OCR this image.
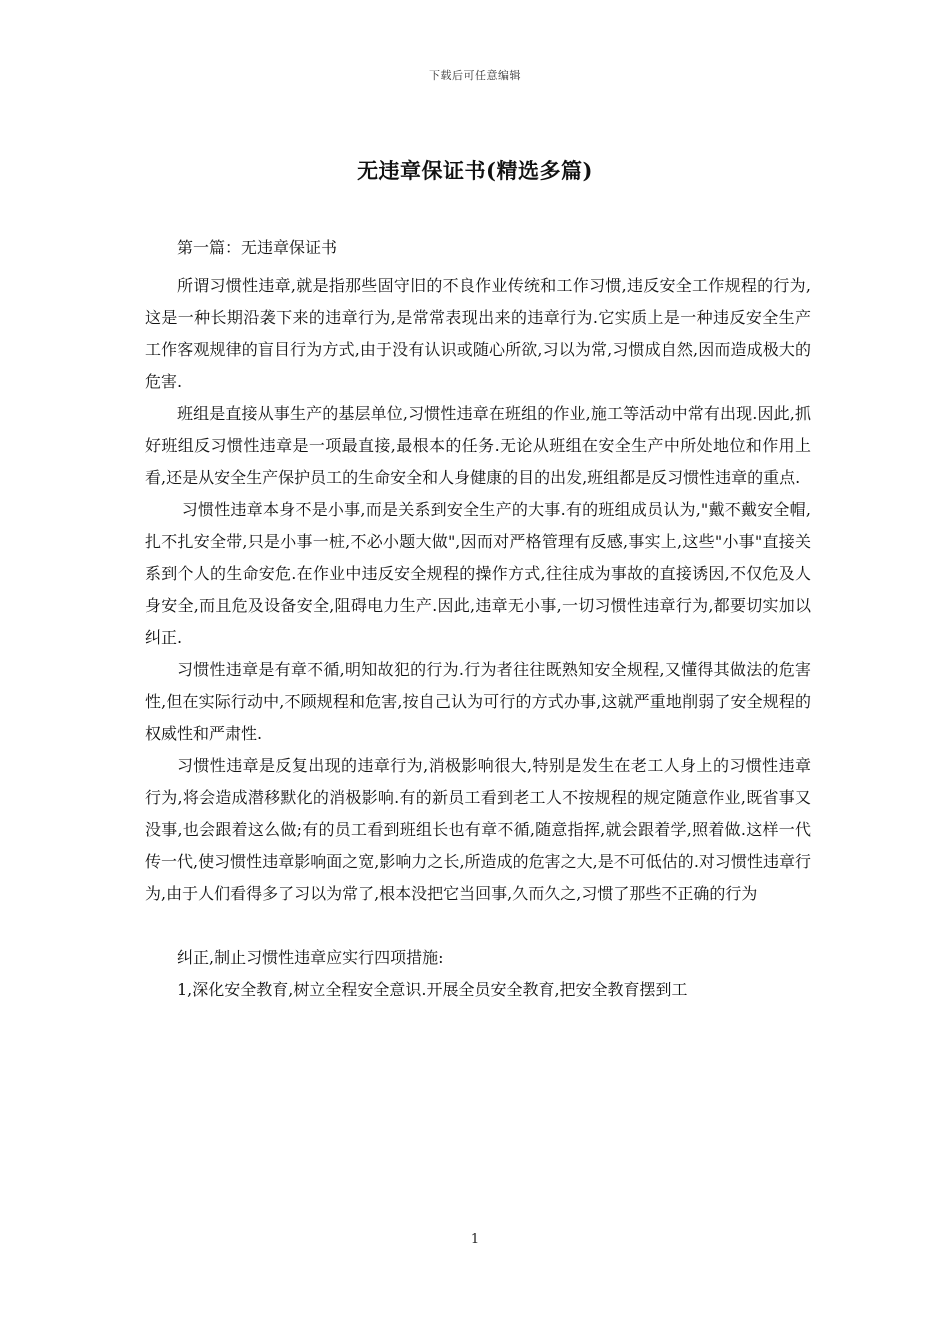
下载后可任意编辑
无违章保证书(精选多篇)

第一篇：无违章保证书

所谓习惯性违章,就是指那些固守旧的不良作业传统和工作习惯,违反安全工作规程的行为,这是一种长期沿袭下来的违章行为,是常常表现出来的违章行为.它实质上是一种违反安全生产工作客观规律的盲目行为方式,由于没有认识或随心所欲,习以为常,习惯成自然,因而造成极大的危害.

班组是直接从事生产的基层单位,习惯性违章在班组的作业,施工等活动中常有出现.因此,抓好班组反习惯性违章是一项最直接,最根本的任务.无论从班组在安全生产中所处地位和作用上看,还是从安全生产保护员工的生命安全和人身健康的目的出发,班组都是反习惯性违章的重点.

习惯性违章本身不是小事,而是关系到安全生产的大事.有的班组成员认为,"戴不戴安全帽,扎不扎安全带,只是小事一桩,不必小题大做",因而对严格管理有反感,事实上,这些"小事"直接关系到个人的生命安危.在作业中违反安全规程的操作方式,往往成为事故的直接诱因,不仅危及人身安全,而且危及设备安全,阻碍电力生产.因此,违章无小事,一切习惯性违章行为,都要切实加以纠正.

习惯性违章是有章不循,明知故犯的行为.行为者往往既熟知安全规程,又懂得其做法的危害性,但在实际行动中,不顾规程和危害,按自己认为可行的方式办事,这就严重地削弱了安全规程的权威性和严肃性.

习惯性违章是反复出现的违章行为,消极影响很大,特别是发生在老工人身上的习惯性违章行为,将会造成潜移默化的消极影响.有的新员工看到老工人不按规程的规定随意作业,既省事又没事,也会跟着这么做;有的员工看到班组长也有章不循,随意指挥,就会跟着学,照着做.这样一代传一代,使习惯性违章影响面之宽,影响力之长,所造成的危害之大,是不可低估的.对习惯性违章行为,由于人们看得多了习以为常了,根本没把它当回事,久而久之,习惯了那些不正确的行为

纠正,制止习惯性违章应实行四项措施:

1,深化安全教育,树立全程安全意识.开展全员安全教育,把安全教育摆到工

1
